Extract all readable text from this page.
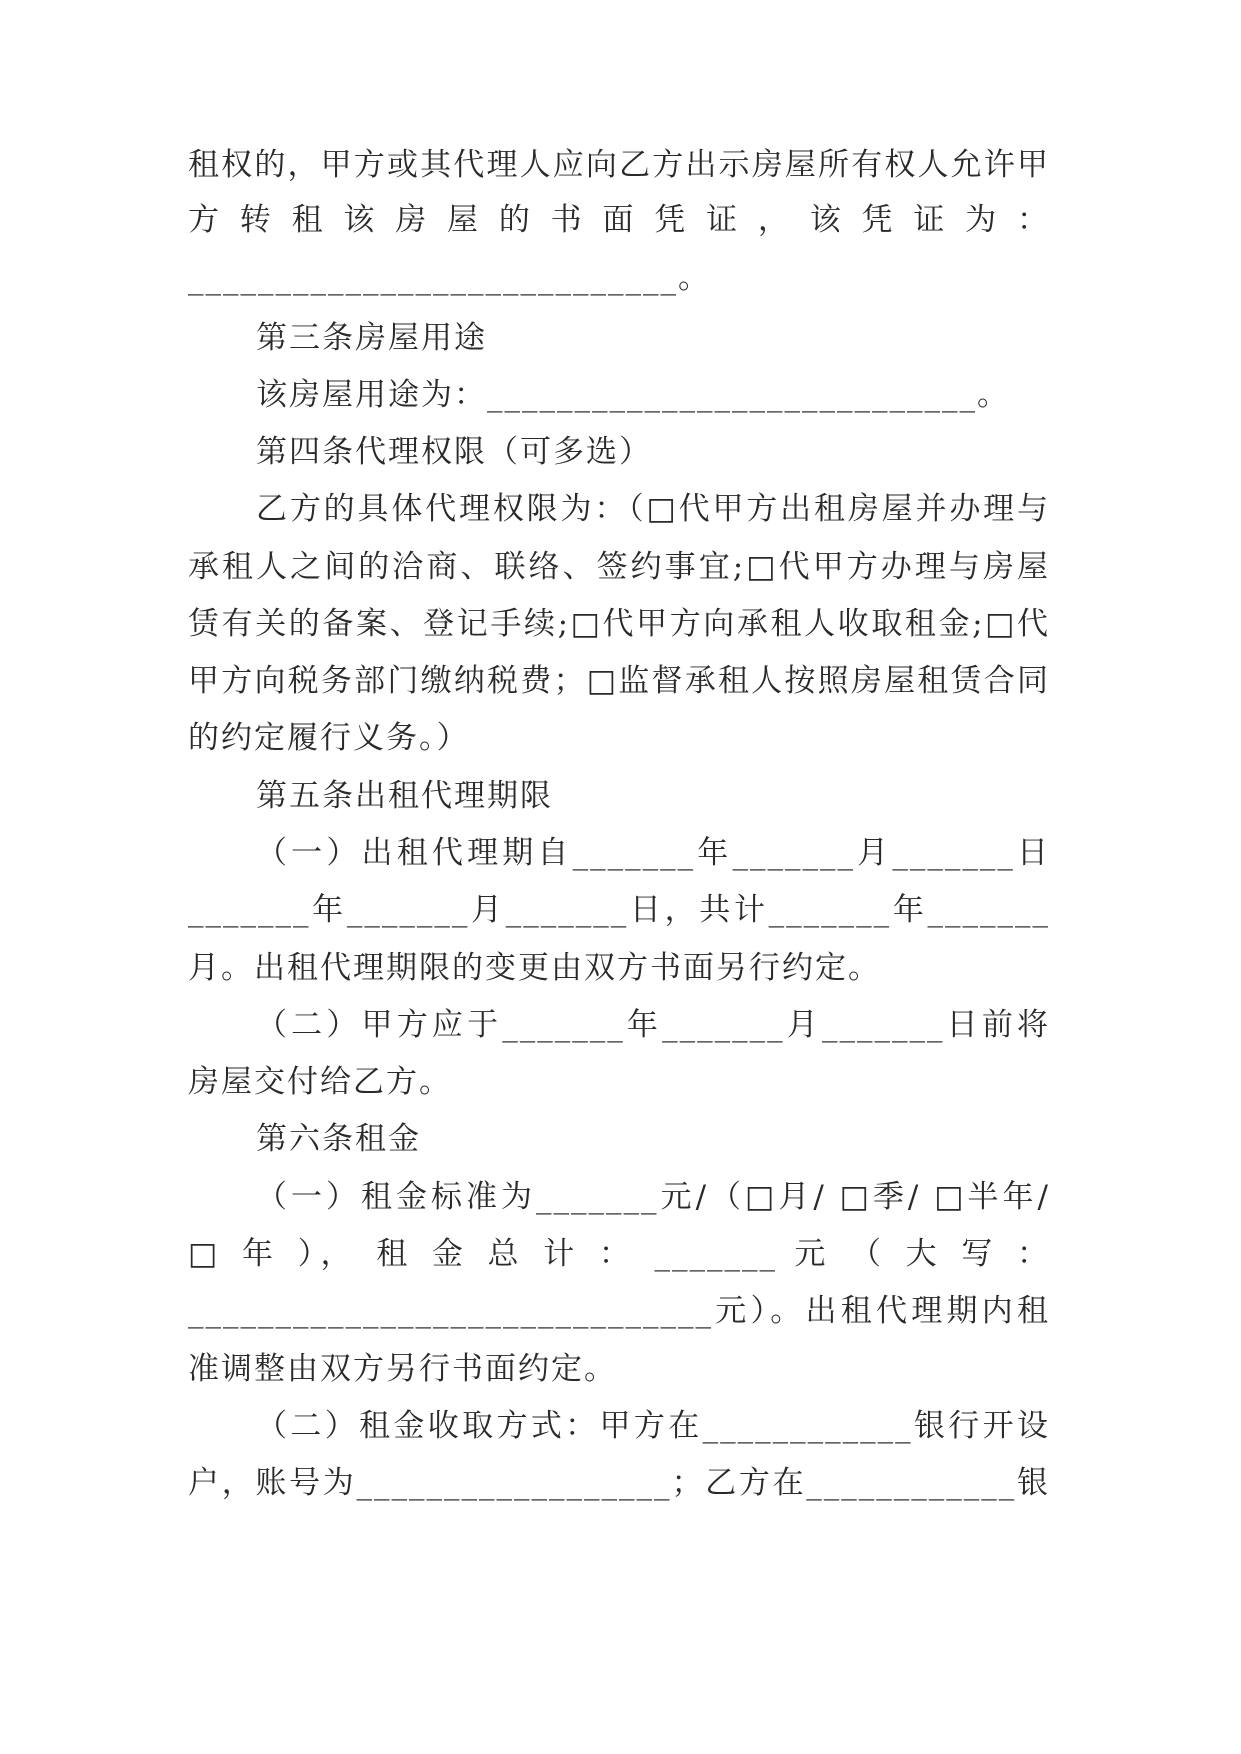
租权的，甲方或其代理人应向乙方出示房屋所有权人允许甲
方转租该房屋的书面凭证，该凭证为：
____________________________。
第三条房屋用途
该房屋用途为：____________________________。
第四条代理权限（可多选）
乙方的具体代理权限为：（□代甲方出租房屋并办理与
承租人之间的洽商、联络、签约事宜;□代甲方办理与房屋
赁有关的备案、登记手续;□代甲方向承租人收取租金;□代
甲方向税务部门缴纳税费；□监督承租人按照房屋租赁合同
的约定履行义务。）
第五条出租代理期限
（一）出租代理期自_______年_______月_______日
_______年_______月_______日，共计_______年_______
月。出租代理期限的变更由双方书面另行约定。
（二）甲方应于_______年_______月_______日前将
房屋交付给乙方。
第六条租金
（一）租金标准为_______元/（□月/ □季/ □半年/
□ 年 ）， 租 金 总 计 ： _______ 元 （ 大 写 ：
______________________________元）。出租代理期内租
准调整由双方另行书面约定。
（二）租金收取方式：甲方在____________银行开设
户，账号为__________________；乙方在____________银
